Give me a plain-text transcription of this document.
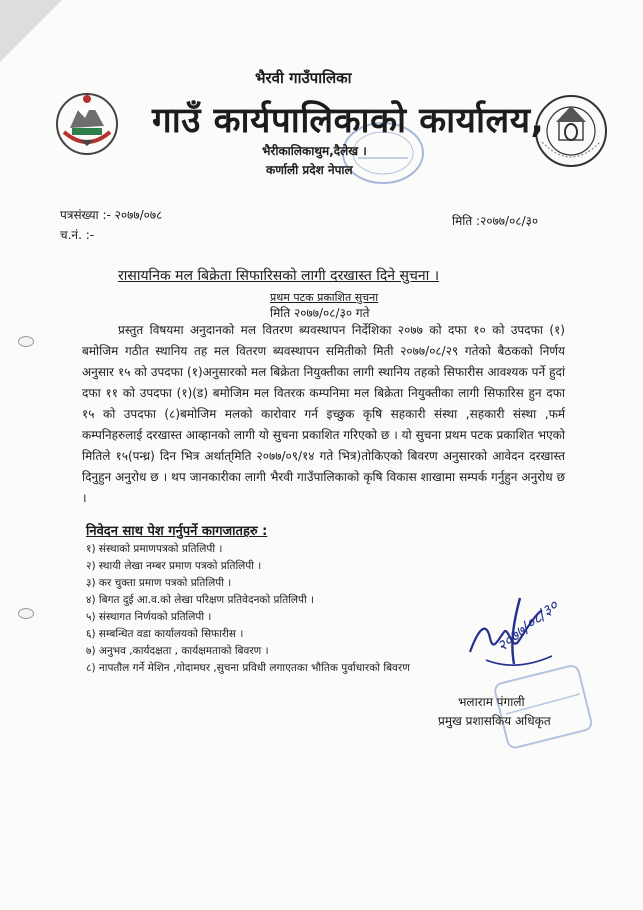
भैरवी गाउँपालिका
गाउँ कार्यपालिकाको कार्यालय,
भैरीकालिकाथुम,दैलेख ।
कर्णाली प्रदेश नेपाल
पत्रसंख्या :- २०७७/०७८
च.नं. :-
मिति :२०७७/०८/३०
रासायनिक मल बिक्रेता सिफारिसको लागी दरखास्त दिने सुचना ।
प्रथम पटक प्रकाशित सुचना
मिति २०७७/०८/३० गते

प्रस्तुत विषयमा अनुदानको मल वितरण ब्यवस्थापन निर्देशिका २०७७ को दफा १० को उपदफा (१) बमोजिम गठीत स्थानिय तह मल वितरण ब्यवस्थापन समितीको मिती २०७७/०८/२९ गतेको बैठकको निर्णय अनुसार १५ को उपदफा (१)अनुसारको मल बिक्रेता नियुक्तीका लागी स्थानिय तहको सिफारीस आवश्यक पर्ने हुदां दफा ११ को उपदफा (१)(ड) बमोजिम मल वितरक कम्पनिमा मल बिक्रेता नियुक्तीका लागी सिफारिस हुन दफा १५ को उपदफा (८)बमोजिम मलको कारोवार गर्न इच्छुक कृषि सहकारी संस्था ,सहकारी संस्था ,फर्म कम्पनिहरुलाई दरखास्त आव्हानको लागी यो सुचना प्रकाशित गरिएको छ । यो सुचना प्रथम पटक प्रकाशित भएको मितिले १५(पन्ध्र) दिन भित्र अर्थात्‌मिति २०७७/०९/१४ गते भित्र)तोकिएको बिवरण अनुसारको आवेदन दरखास्त दिनुहुन अनुरोध छ । थप जानकारीका लागी भैरवी गाउँपालिकाको कृषि विकास शाखामा सम्पर्क गर्नुहुन अनुरोध छ ।

निवेदन साथ पेश गर्नुपर्ने कागजातहरु :
१) संस्थाको प्रमाणपत्रको प्रतिलिपी ।
२) स्थायी लेखा नम्बर प्रमाण पत्रको प्रतिलिपी ।
३) कर चुक्ता प्रमाण पत्रको प्रतिलिपी ।
४) बिगत दुई आ.व.को लेखा परिक्षण प्रतिवेदनको प्रतिलिपी ।
५) संस्थागत निर्णयको प्रतिलिपी ।
६) सम्बन्धित वडा कार्यालयको सिफारीस ।
७) अनुभव ,कार्यदक्षता , कार्यक्षमताको बिवरण ।
८) नापतौल गर्ने मेशिन ,गोदामघर ,सुचना प्रविधी लगाएतका भौतिक पुर्वाधारको बिवरण
२०७७/०८/३०
भलाराम पंगाली
प्रमुख प्रशासकिय अधिकृत
